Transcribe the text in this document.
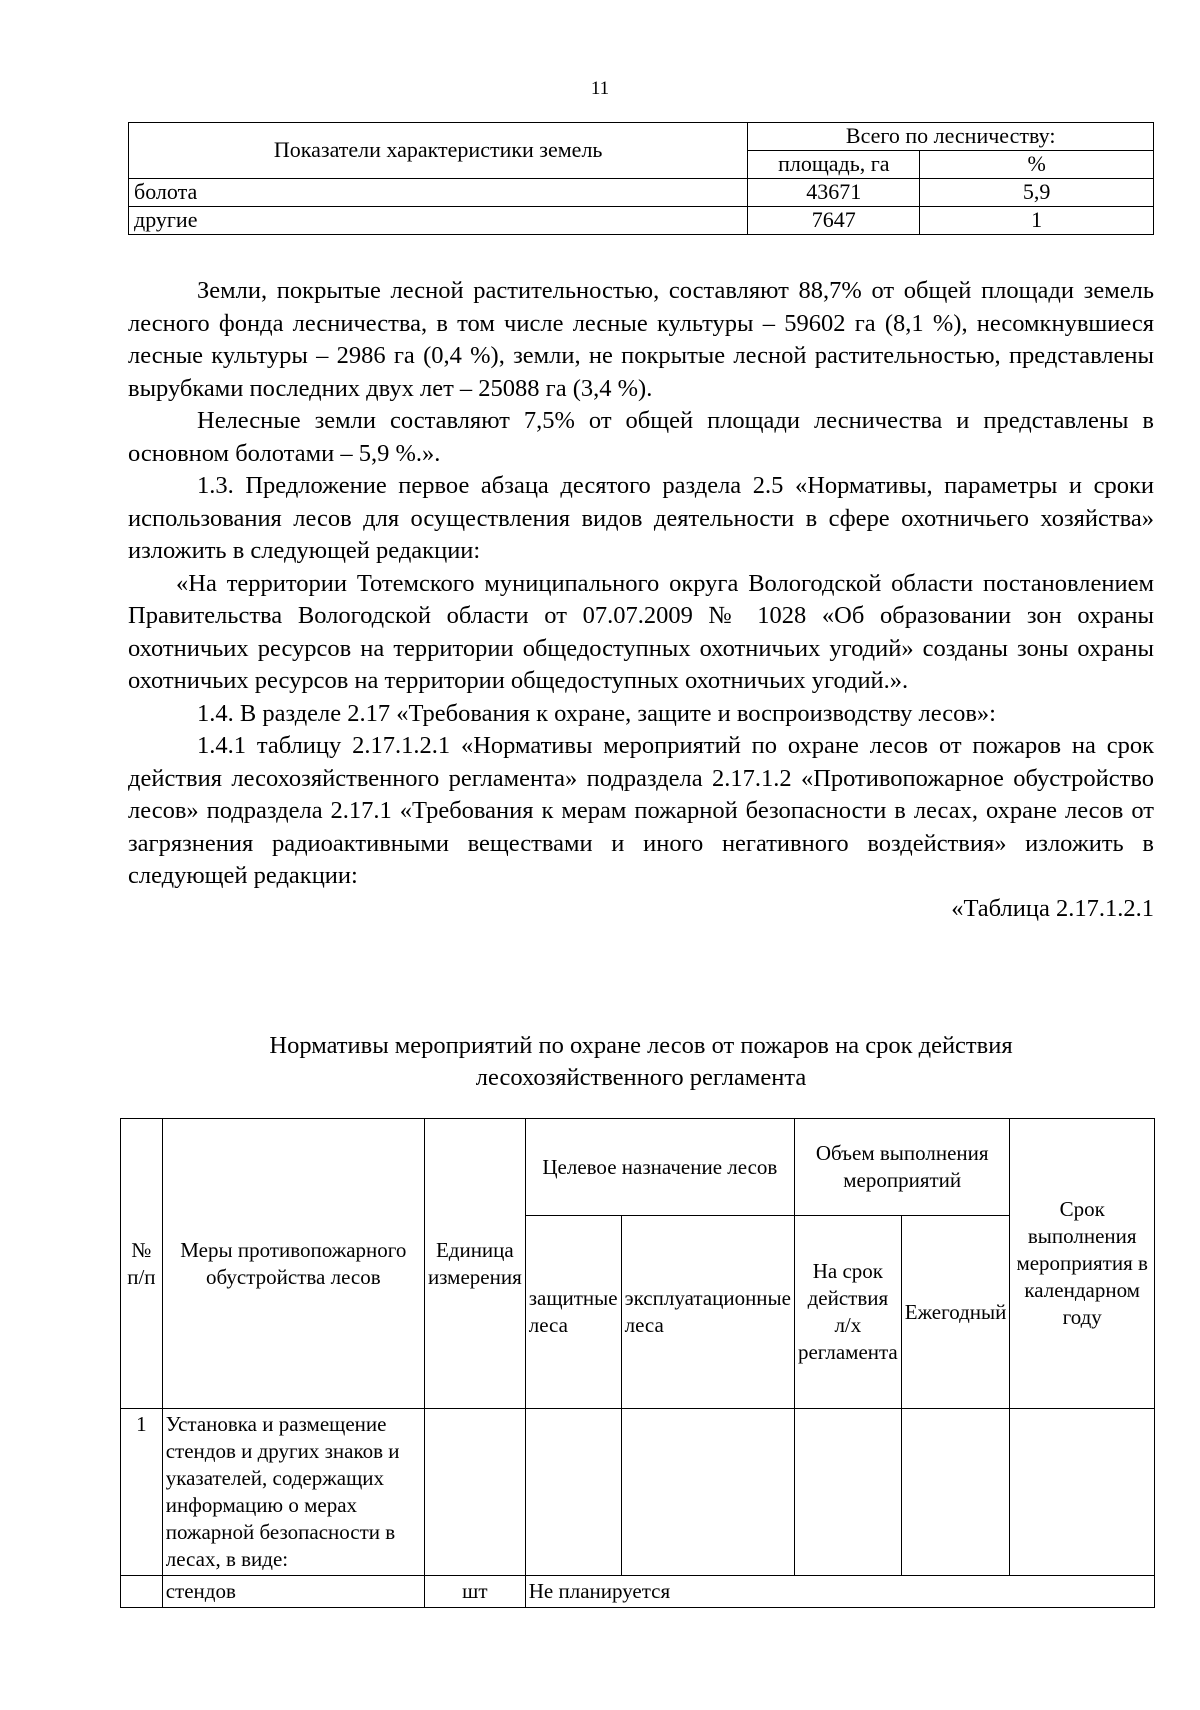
11
Показатели характеристики земель	Всего по лесничеству:	
	площадь, га	%
болота	43671	5,9
другие	7647	1

Земли, покрытые лесной растительностью, составляют 88,7% от общей площади земель лесного фонда лесничества, в том числе лесные культуры – 59602 га (8,1 %), несомкнувшиеся лесные культуры – 2986 га (0,4 %), земли, не покрытые лесной растительностью, представлены вырубками последних двух лет – 25088 га (3,4 %).

Нелесные земли составляют 7,5% от общей площади лесничества и представлены в основном болотами – 5,9 %.».

1.3. Предложение первое абзаца десятого раздела 2.5 «Нормативы, параметры и сроки использования лесов для осуществления видов деятельности в сфере охотничьего хозяйства» изложить в следующей редакции:

«На территории Тотемского муниципального округа Вологодской области постановлением Правительства Вологодской области от 07.07.2009 № 1028 «Об образовании зон охраны охотничьих ресурсов на территории общедоступных охотничьих угодий» созданы зоны охраны охотничьих ресурсов на территории общедоступных охотничьих угодий.».

1.4. В разделе 2.17 «Требования к охране, защите и воспроизводству лесов»:

1.4.1 таблицу 2.17.1.2.1 «Нормативы мероприятий по охране лесов от пожаров на срок действия лесохозяйственного регламента» подраздела 2.17.1.2 «Противопожарное обустройство лесов» подраздела 2.17.1 «Требования к мерам пожарной безопасности в лесах, охране лесов от загрязнения радиоактивными веществами и иного негативного воздействия» изложить в следующей редакции:

«Таблица 2.17.1.2.1

Нормативы мероприятий по охране лесов от пожаров на срок действия
лесохозяйственного регламента
№ п/п	Меры противопожарного обустройства лесов	Единица измерения	Целевое назначение лесов		Объем выполнения мероприятий		Срок выполнения мероприятия в календарном году
			защитные леса	эксплуатационные леса	На срок действия л/х регламента	Ежегодный	
1	Установка и размещение стендов и других знаков и указателей, содержащих информацию о мерах пожарной безопасности в лесах, в виде:						
	стендов	шт	Не планируется				
